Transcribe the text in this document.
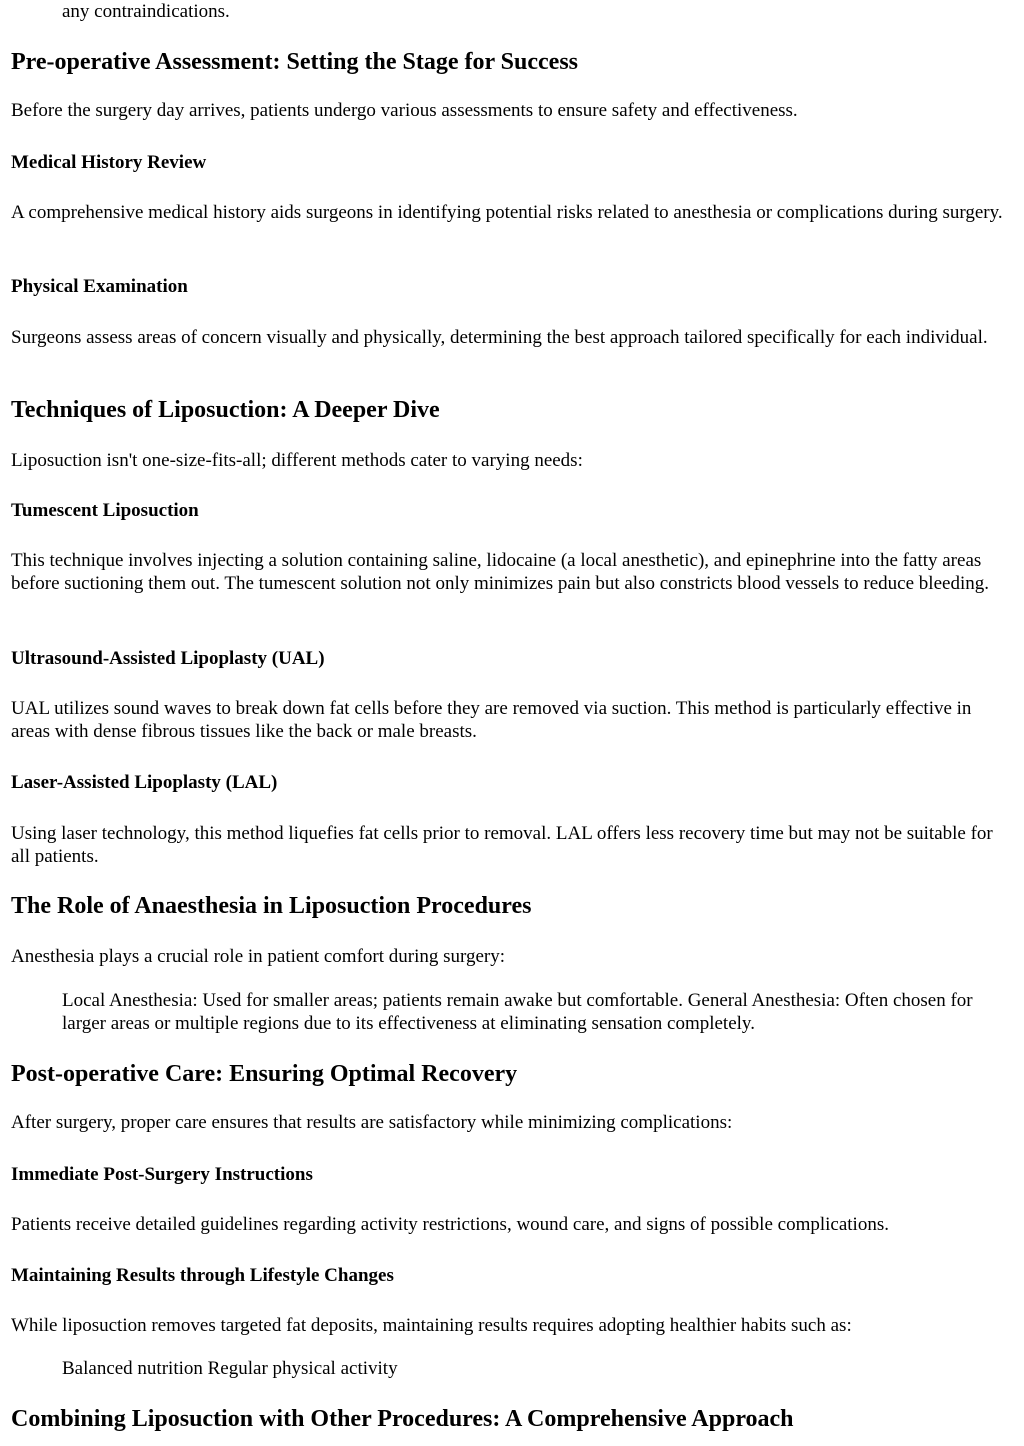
any contraindications.

Pre-operative Assessment: Setting the Stage for Success

Before the surgery day arrives, patients undergo various assessments to ensure safety and effectiveness.

Medical History Review

A comprehensive medical history aids surgeons in identifying potential risks related to anesthesia or complications during surgery.

Physical Examination

Surgeons assess areas of concern visually and physically, determining the best approach tailored specifically for each individual.

Techniques of Liposuction: A Deeper Dive

Liposuction isn't one-size-fits-all; different methods cater to varying needs:

Tumescent Liposuction

This technique involves injecting a solution containing saline, lidocaine (a local anesthetic), and epinephrine into the fatty areas before suctioning them out. The tumescent solution not only minimizes pain but also constricts blood vessels to reduce bleeding.

Ultrasound-Assisted Lipoplasty (UAL)

UAL utilizes sound waves to break down fat cells before they are removed via suction. This method is particularly effective in areas with dense fibrous tissues like the back or male breasts.

Laser-Assisted Lipoplasty (LAL)

Using laser technology, this method liquefies fat cells prior to removal. LAL offers less recovery time but may not be suitable for all patients.

The Role of Anaesthesia in Liposuction Procedures

Anesthesia plays a crucial role in patient comfort during surgery:

Local Anesthesia: Used for smaller areas; patients remain awake but comfortable. General Anesthesia: Often chosen for larger areas or multiple regions due to its effectiveness at eliminating sensation completely.

Post-operative Care: Ensuring Optimal Recovery

After surgery, proper care ensures that results are satisfactory while minimizing complications:

Immediate Post-Surgery Instructions

Patients receive detailed guidelines regarding activity restrictions, wound care, and signs of possible complications.

Maintaining Results through Lifestyle Changes

While liposuction removes targeted fat deposits, maintaining results requires adopting healthier habits such as:

Balanced nutrition Regular physical activity

Combining Liposuction with Other Procedures: A Comprehensive Approach
